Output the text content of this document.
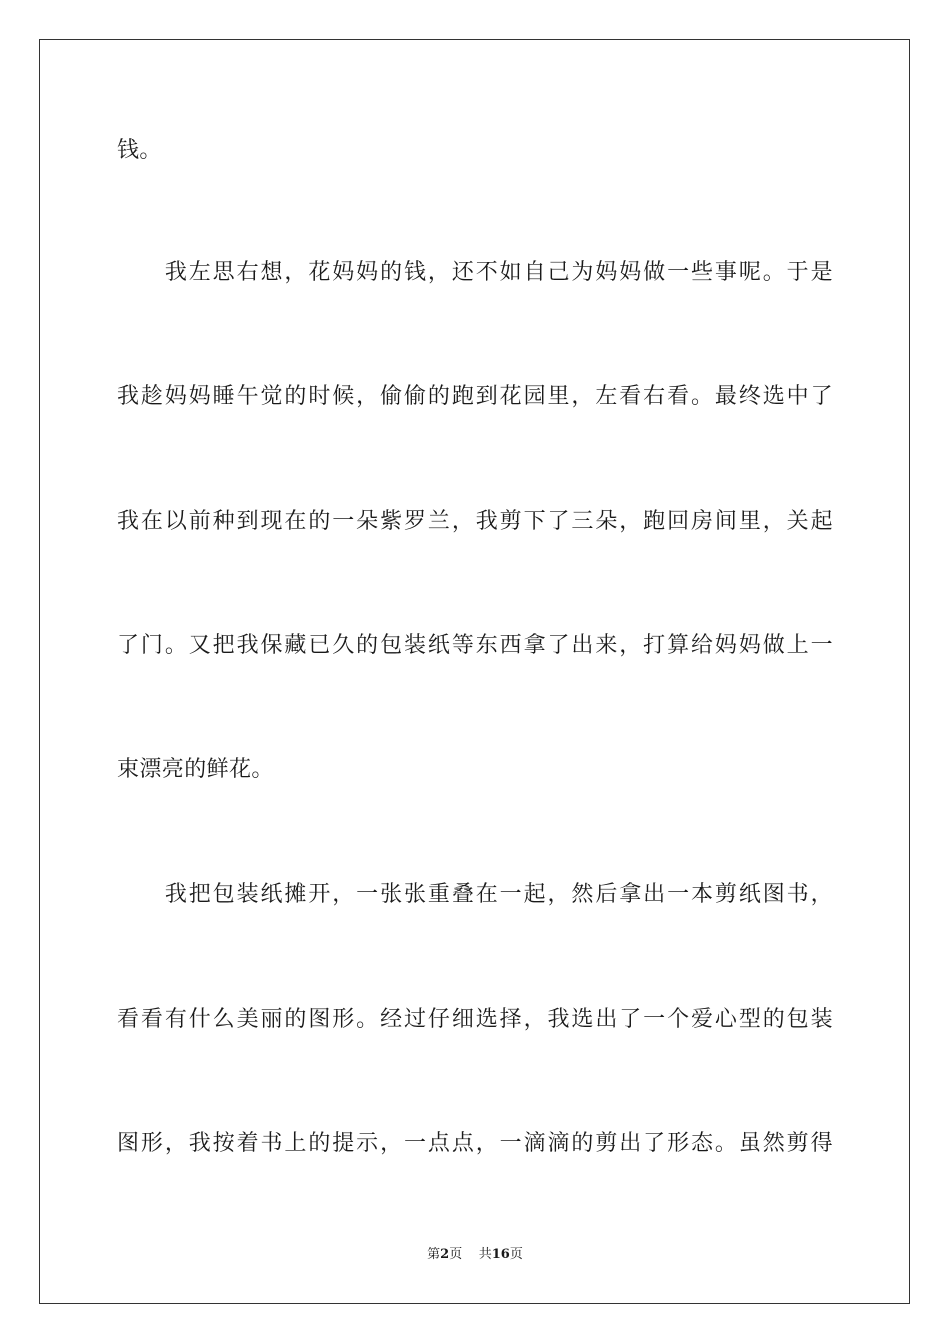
钱。
　　我左思右想，花妈妈的钱，还不如自己为妈妈做一些事呢。于是
我趁妈妈睡午觉的时候，偷偷的跑到花园里，左看右看。最终选中了
我在以前种到现在的一朵紫罗兰，我剪下了三朵，跑回房间里，关起
了门。又把我保藏已久的包装纸等东西拿了出来，打算给妈妈做上一
束漂亮的鲜花。
　　我把包装纸摊开，一张张重叠在一起，然后拿出一本剪纸图书，
看看有什么美丽的图形。经过仔细选择，我选出了一个爱心型的包装
图形，我按着书上的提示，一点点，一滴滴的剪出了形态。虽然剪得
第2页 共16页
